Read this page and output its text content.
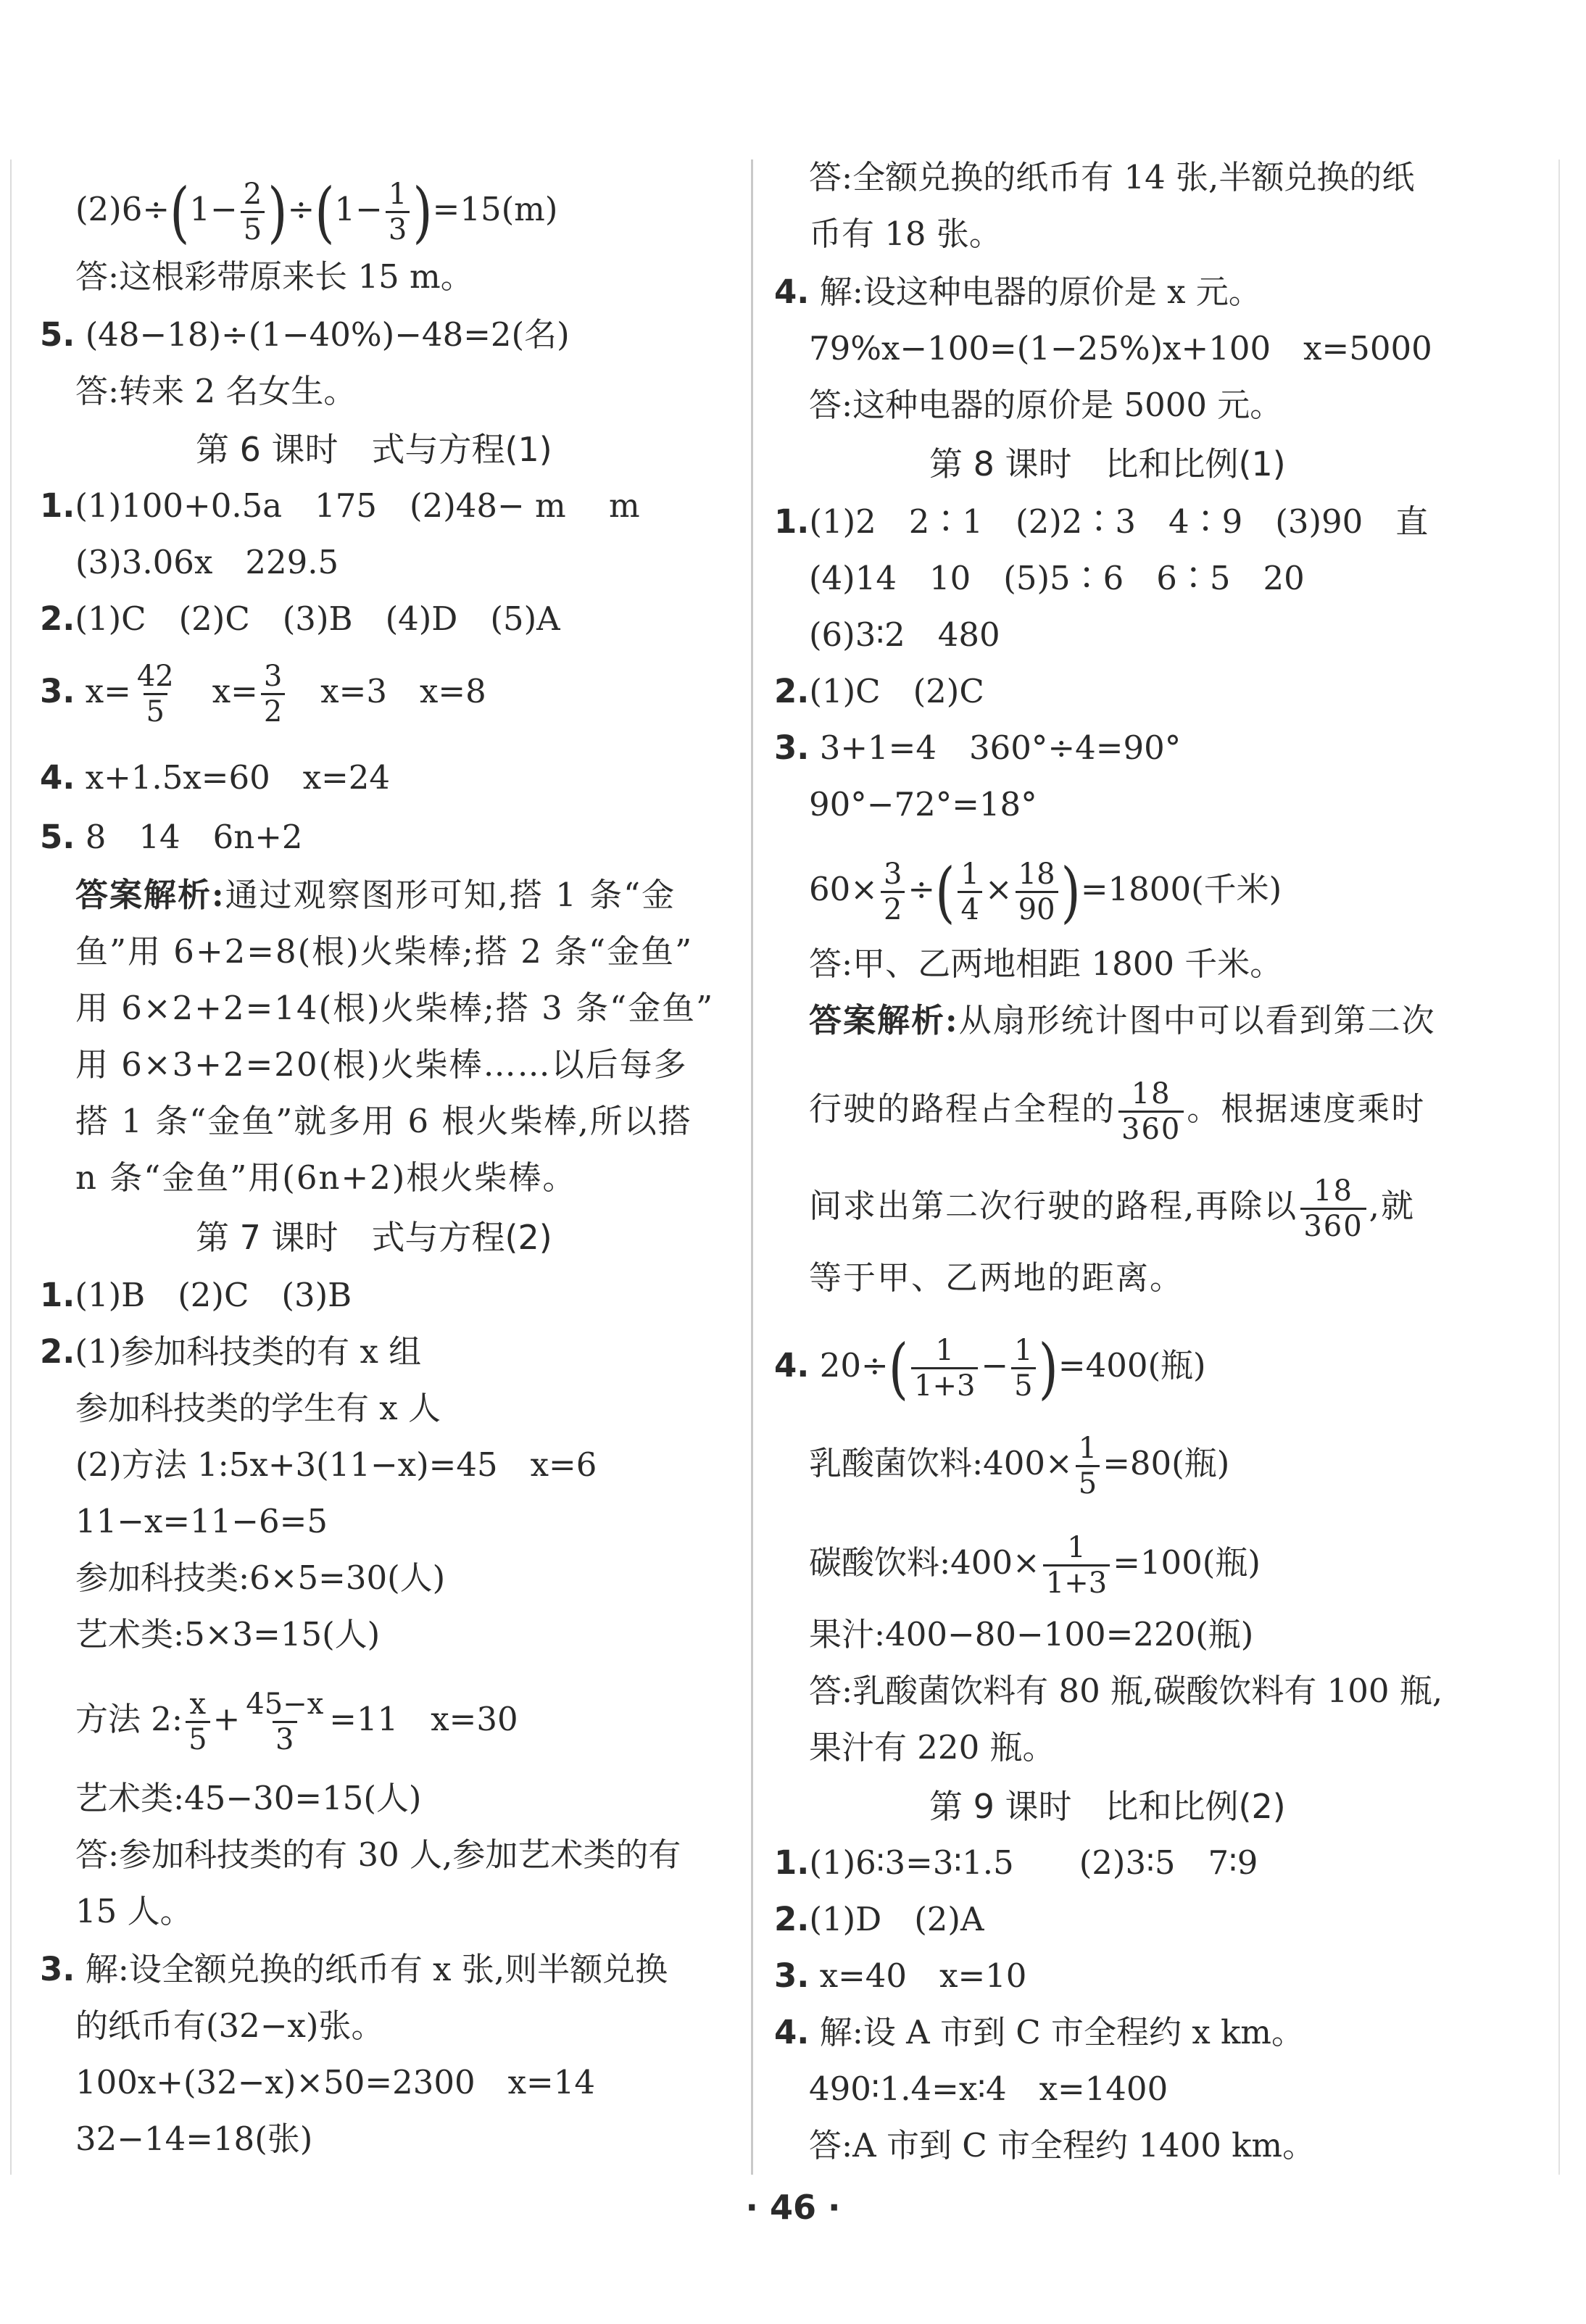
$(2)6\div(1- \frac{2}{5} )\div(1- \frac{1}{3} )=15(m)$
答:这根彩带原来长 15 m。
5. (48−18)÷(1−40%)−48=2(名)
答:转来 2 名女生。
第 6 课时　式与方程(1)
1.(1)100+0.5a　175　(2)48− m　 m
(3)3.06x　229.5
2.(1)C　(2)C　(3)B　(4)D　(5)A
3. $x= \frac{42}{5}$
　 $x= \frac{3}{2}$
　 x=3　x=8
4. x+1.5x=60　x=24
5. 8　14　6n+2
答案解析:通过观察图形可知,搭 1 条“金
鱼”用 6+2=8(根)火柴棒;搭 2 条“金鱼”
用 6×2+2=14(根)火柴棒;搭 3 条“金鱼”
用 6×3+2=20(根)火柴棒……以后每多
搭 1 条“金鱼”就多用 6 根火柴棒,所以搭
n 条“金鱼”用(6n+2)根火柴棒。
第 7 课时　式与方程(2)
1.(1)B　(2)C　(3)B
2.(1)参加科技类的有 x 组
参加科技类的学生有 x 人
(2)方法 1:5x+3(11−x)=45　x=6
11−x=11−6=5
参加科技类:6×5=30(人)
艺术类:5×3=15(人)
方法 2: $\frac{x}{5} + \frac{45-x}{3} =11$　x=30
艺术类:45−30=15(人)
答:参加科技类的有 30 人,参加艺术类的有
15 人。
3. 解:设全额兑换的纸币有 x 张,则半额兑换
的纸币有(32−x)张。
100x+(32−x)×50=2300　x=14
32−14=18(张)
答:全额兑换的纸币有 14 张,半额兑换的纸
币有 18 张。
4. 解:设这种电器的原价是 x 元。
79%x−100=(1−25%)x+100　x=5000
答:这种电器的原价是 5000 元。
第 8 课时　比和比例(1)
1.(1)2　2∶1　(2)2∶3　4∶9　(3)90　直
(4)14　10　(5)5∶6　6∶5　20
(6)3∶2　480
2.(1)C　(2)C
3. 3+1=4　360°÷4=90°
90°−72°=18°
$60\times \frac{3}{2}$ ÷( $\frac{1}{4} \times \frac{18}{90} )=1800$(千米)
答:甲、乙两地相距 1800 千米。
答案解析:从扇形统计图中可以看到第二次
行驶的路程占全程的 $\frac{18}{360}$ 。根据速度乘时
间求出第二次行驶的路程,再除以 $\frac{18}{360}$ ,就
等于甲、乙两地的距离。
4. $20\div( \frac{1}{1+3} - \frac{1}{5} )=400$(瓶)
乳酸菌饮料:400× $\frac{1}{5} =80$(瓶)
碳酸饮料:400× $\frac{1}{1+3} =100$(瓶)
果汁:400−80−100=220(瓶)
答:乳酸菌饮料有 80 瓶,碳酸饮料有 100 瓶,
果汁有 220 瓶。
第 9 课时　比和比例(2)
1.(1)6∶3=3∶1.5　　(2)3∶5　7∶9
2.(1)D　(2)A
3. x=40　x=10
4. 解:设 A 市到 C 市全程约 x km。
490∶1.4=x∶4　x=1400
答:A 市到 C 市全程约 1400 km。
· 46 ·
